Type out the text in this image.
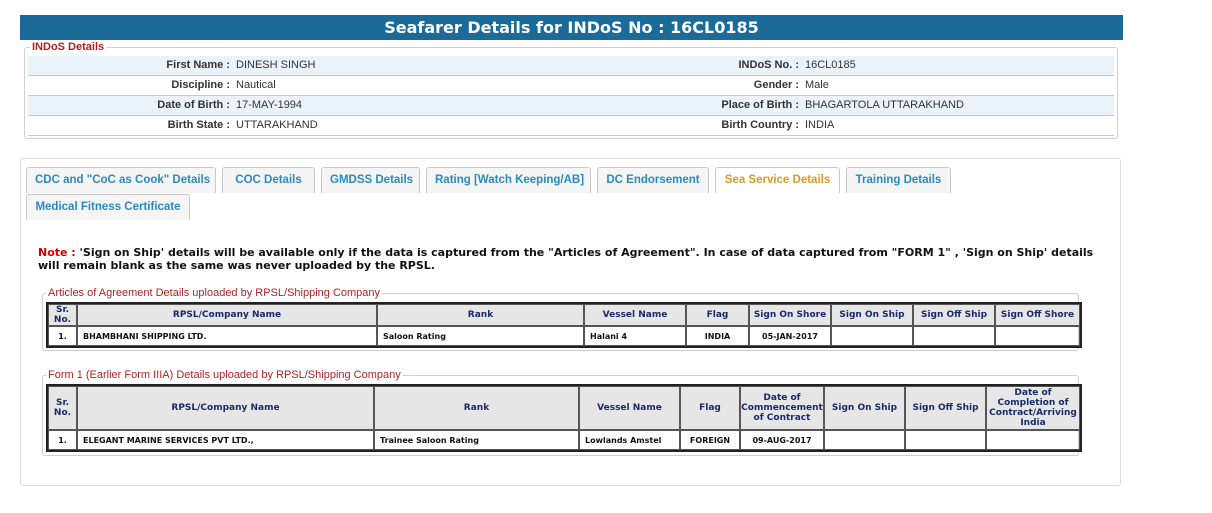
Seafarer Details for INDoS No : 16CL0185
INDoS Details
First Name : DINESH SINGH	INDoS No. : 16CL0185
Discipline : Nautical	Gender : Male
Date of Birth : 17-MAY-1994	Place of Birth : BHAGARTOLA UTTARAKHAND
Birth State : UTTARAKHAND	Birth Country : INDIA
CDC and "CoC as Cook" Details	COC Details	GMDSS Details	Rating [Watch Keeping/AB]	DC Endorsement	Sea Service Details	Training Details
Medical Fitness Certificate
Note : 'Sign on Ship' details will be available only if the data is captured from the "Articles of Agreement". In case of data captured from "FORM 1" , 'Sign on Ship' details will remain blank as the same was never uploaded by the RPSL.
Articles of Agreement Details uploaded by RPSL/Shipping Company
Sr. No.	RPSL/Company Name	Rank	Vessel Name	Flag	Sign On Shore	Sign On Ship	Sign Off Ship	Sign Off Shore
1.	BHAMBHANI SHIPPING LTD.	Saloon Rating	Halani 4	INDIA	05-JAN-2017			
Form 1 (Earlier Form IIIA) Details uploaded by RPSL/Shipping Company
Sr. No.	RPSL/Company Name	Rank	Vessel Name	Flag	Date of Commencement of Contract	Sign On Ship	Sign Off Ship	Date of Completion of Contract/Arriving India
1.	ELEGANT MARINE SERVICES PVT LTD.,	Trainee Saloon Rating	Lowlands Amstel	FOREIGN	09-AUG-2017			
